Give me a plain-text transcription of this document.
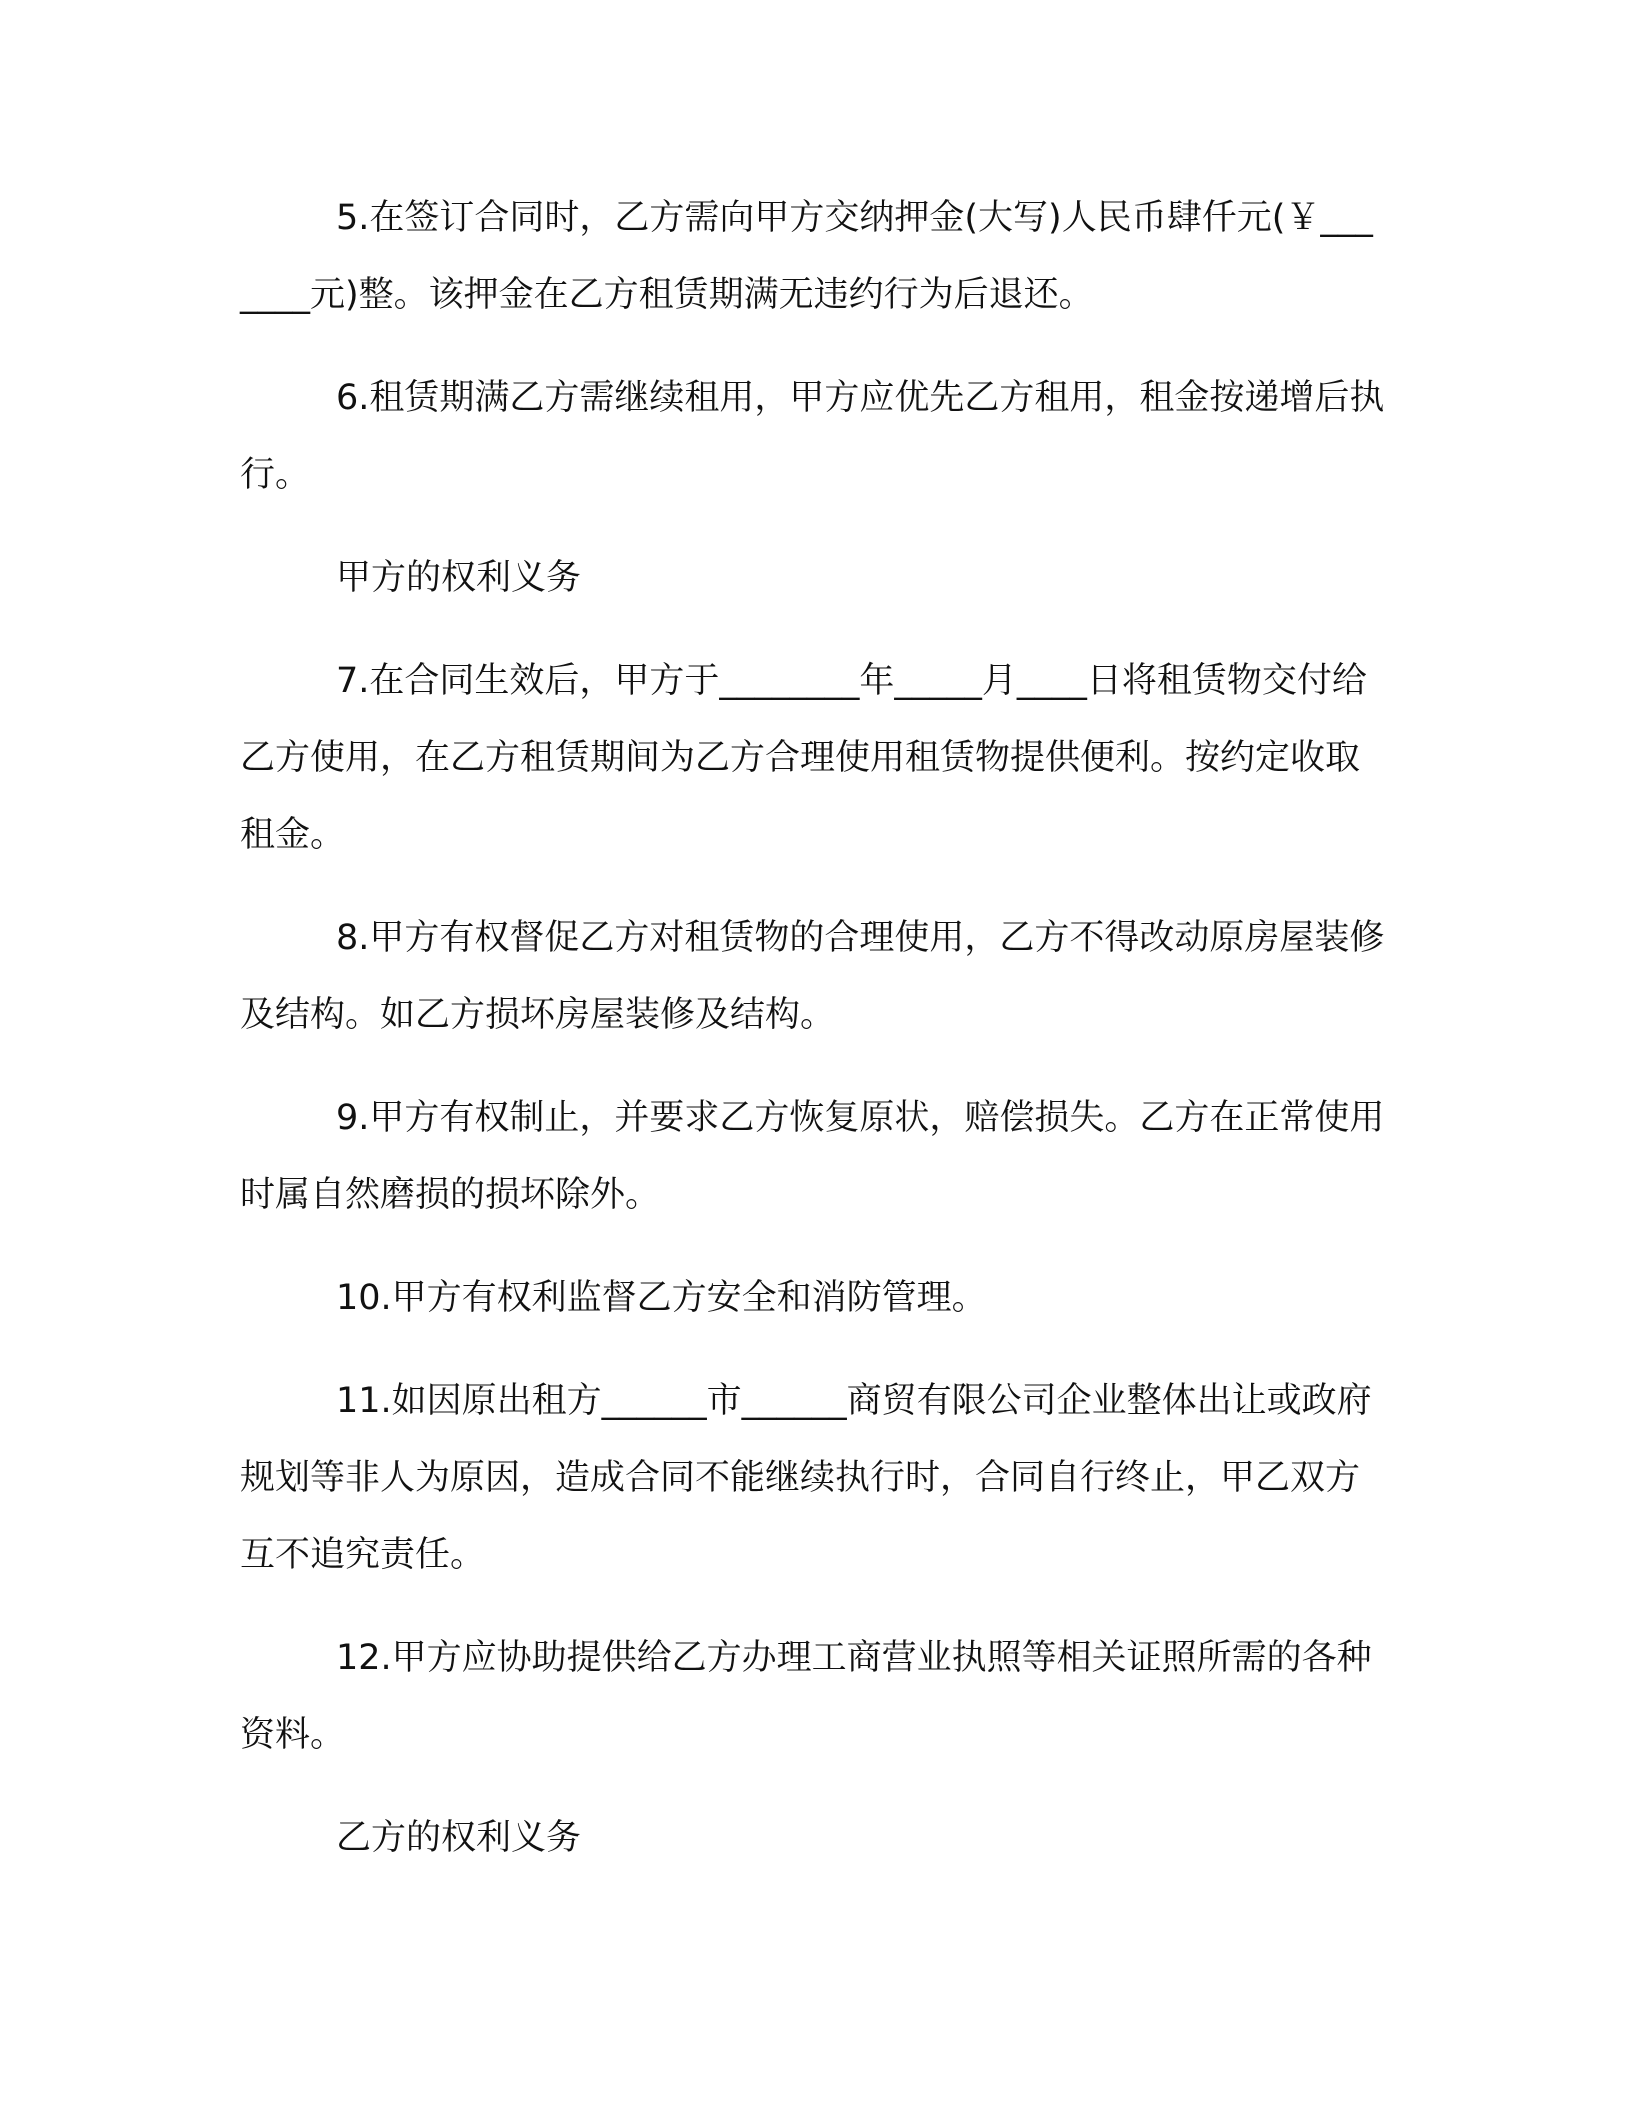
5.在签订合同时，乙方需向甲方交纳押金(大写)人民币肆仟元(￥_______元)整。该押金在乙方租赁期满无违约行为后退还。

6.租赁期满乙方需继续租用，甲方应优先乙方租用，租金按递增后执行。

甲方的权利义务

7.在合同生效后，甲方于________年_____月____日将租赁物交付给乙方使用，在乙方租赁期间为乙方合理使用租赁物提供便利。按约定收取租金。

8.甲方有权督促乙方对租赁物的合理使用，乙方不得改动原房屋装修及结构。如乙方损坏房屋装修及结构。

9.甲方有权制止，并要求乙方恢复原状，赔偿损失。乙方在正常使用时属自然磨损的损坏除外。

10.甲方有权利监督乙方安全和消防管理。

11.如因原出租方______市______商贸有限公司企业整体出让或政府规划等非人为原因，造成合同不能继续执行时，合同自行终止，甲乙双方互不追究责任。

12.甲方应协助提供给乙方办理工商营业执照等相关证照所需的各种资料。

乙方的权利义务
